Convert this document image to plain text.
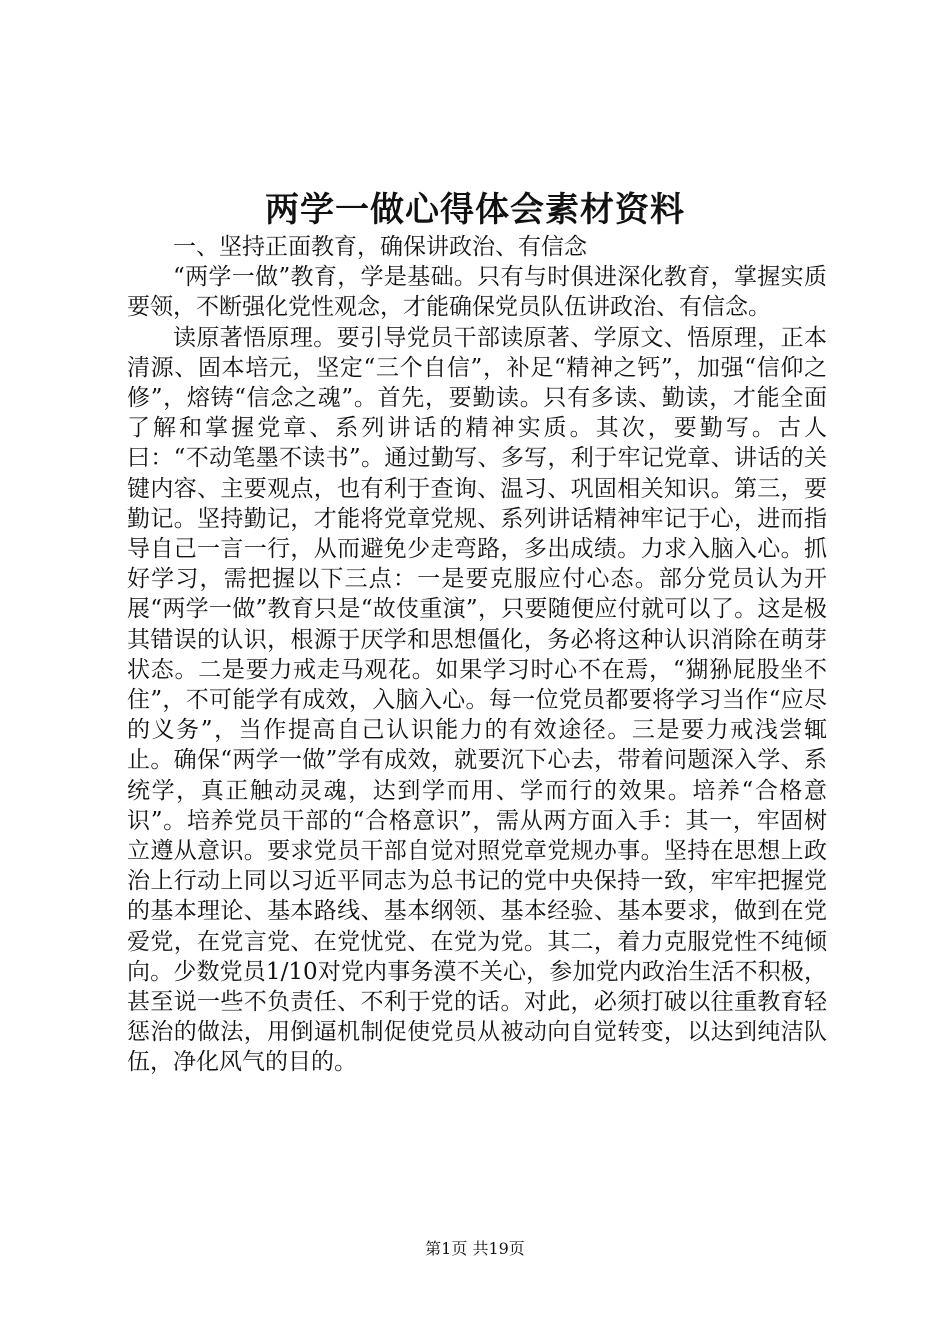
两学一做心得体会素材资料

一、坚持正面教育，确保讲政治、有信念

“两学一做”教育，学是基础。只有与时俱进深化教育，掌握实质要领，不断强化党性观念，才能确保党员队伍讲政治、有信念。

读原著悟原理。要引导党员干部读原著、学原文、悟原理，正本清源、固本培元，坚定“三个自信”，补足“精神之钙”，加强“信仰之修”，熔铸“信念之魂”。首先，要勤读。只有多读、勤读，才能全面了解和掌握党章、系列讲话的精神实质。其次，要勤写。古人曰：“不动笔墨不读书”。通过勤写、多写，利于牢记党章、讲话的关键内容、主要观点，也有利于查询、温习、巩固相关知识。第三，要勤记。坚持勤记，才能将党章党规、系列讲话精神牢记于心，进而指导自己一言一行，从而避免少走弯路，多出成绩。力求入脑入心。抓好学习，需把握以下三点：一是要克服应付心态。部分党员认为开展“两学一做”教育只是“故伎重演”，只要随便应付就可以了。这是极其错误的认识，根源于厌学和思想僵化，务必将这种认识消除在萌芽状态。二是要力戒走马观花。如果学习时心不在焉，“猢狲屁股坐不住”，不可能学有成效，入脑入心。每一位党员都要将学习当作“应尽的义务”，当作提高自己认识能力的有效途径。三是要力戒浅尝辄止。确保“两学一做”学有成效，就要沉下心去，带着问题深入学、系统学，真正触动灵魂，达到学而用、学而行的效果。培养“合格意识”。培养党员干部的“合格意识”，需从两方面入手：其一，牢固树立遵从意识。要求党员干部自觉对照党章党规办事。坚持在思想上政治上行动上同以习近平同志为总书记的党中央保持一致，牢牢把握党的基本理论、基本路线、基本纲领、基本经验、基本要求，做到在党爱党，在党言党、在党忧党、在党为党。其二，着力克服党性不纯倾向。少数党员1/10对党内事务漠不关心，参加党内政治生活不积极，甚至说一些不负责任、不利于党的话。对此，必须打破以往重教育轻惩治的做法，用倒逼机制促使党员从被动向自觉转变，以达到纯洁队伍，净化风气的目的。

第1页 共19页
